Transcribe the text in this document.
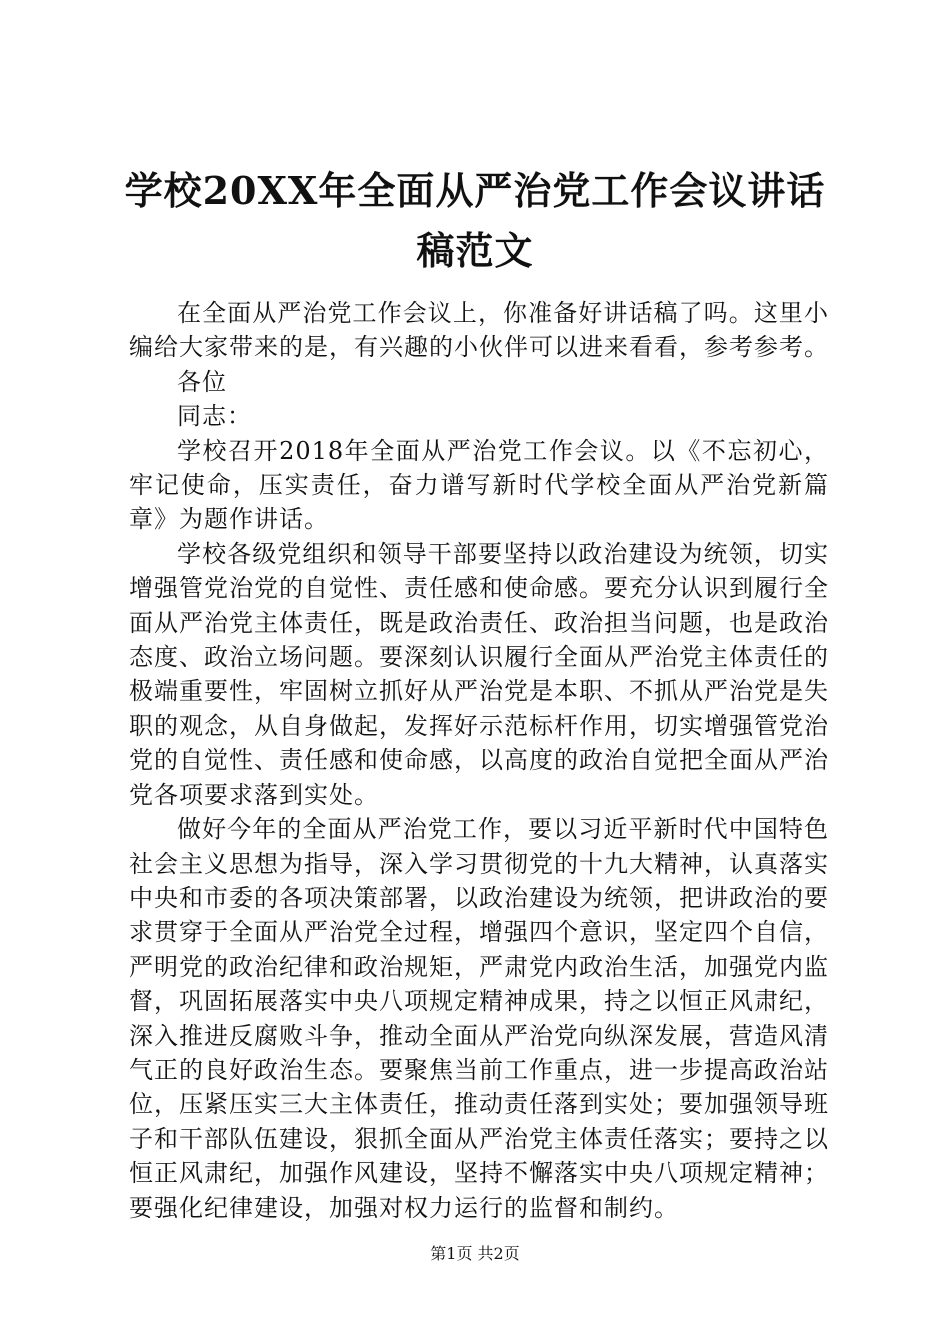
学校20XX年全面从严治党工作会议讲话稿范文

在全面从严治党工作会议上，你准备好讲话稿了吗。这里小编给大家带来的是，有兴趣的小伙伴可以进来看看，参考参考。

各位

同志：

学校召开2018年全面从严治党工作会议。以《不忘初心，牢记使命，压实责任，奋力谱写新时代学校全面从严治党新篇章》为题作讲话。

学校各级党组织和领导干部要坚持以政治建设为统领，切实增强管党治党的自觉性、责任感和使命感。要充分认识到履行全面从严治党主体责任，既是政治责任、政治担当问题，也是政治态度、政治立场问题。要深刻认识履行全面从严治党主体责任的极端重要性，牢固树立抓好从严治党是本职、不抓从严治党是失职的观念，从自身做起，发挥好示范标杆作用，切实增强管党治党的自觉性、责任感和使命感，以高度的政治自觉把全面从严治党各项要求落到实处。

做好今年的全面从严治党工作，要以习近平新时代中国特色社会主义思想为指导，深入学习贯彻党的十九大精神，认真落实中央和市委的各项决策部署，以政治建设为统领，把讲政治的要求贯穿于全面从严治党全过程，增强四个意识，坚定四个自信，严明党的政治纪律和政治规矩，严肃党内政治生活，加强党内监督，巩固拓展落实中央八项规定精神成果，持之以恒正风肃纪，深入推进反腐败斗争，推动全面从严治党向纵深发展，营造风清气正的良好政治生态。要聚焦当前工作重点，进一步提高政治站位，压紧压实三大主体责任，推动责任落到实处；要加强领导班子和干部队伍建设，狠抓全面从严治党主体责任落实；要持之以恒正风肃纪，加强作风建设，坚持不懈落实中央八项规定精神；要强化纪律建设，加强对权力运行的监督和制约。

第1页 共2页
